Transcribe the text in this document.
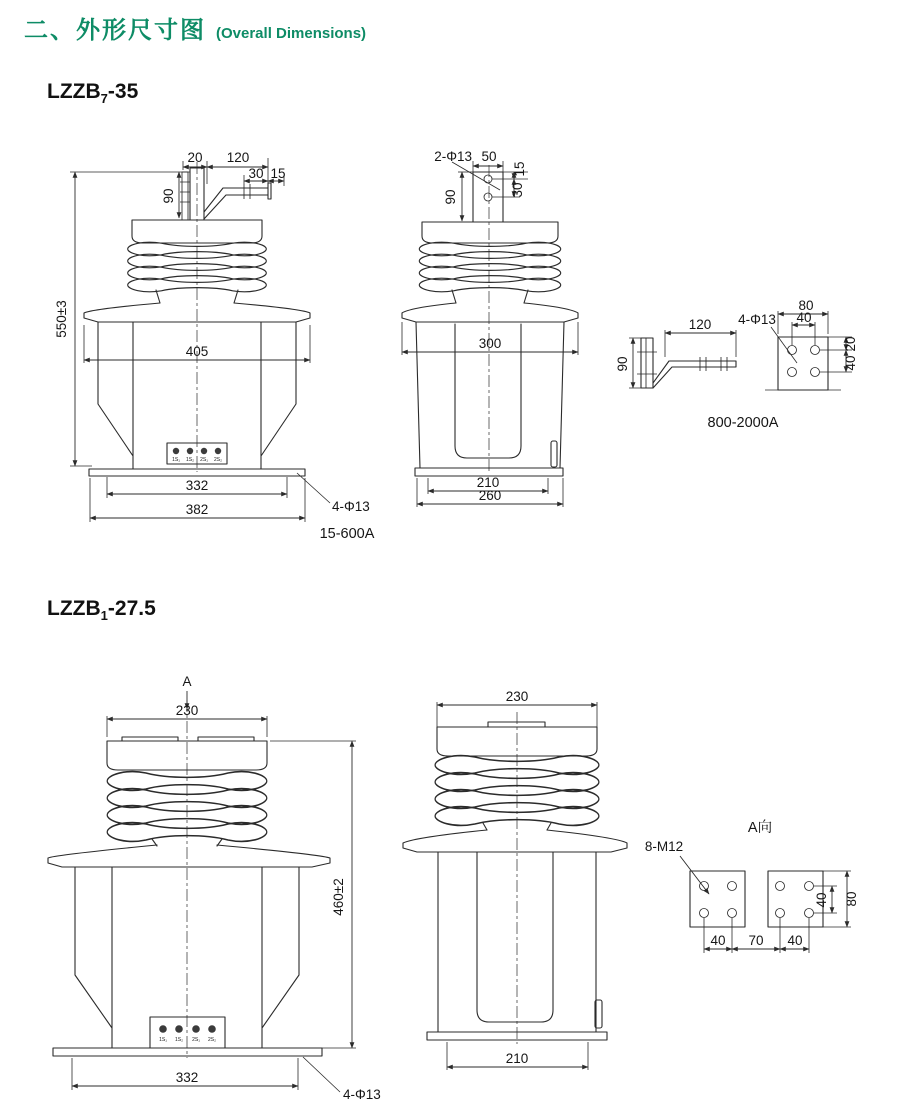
二、外形尺寸图 (Overall Dimensions)
$LZZB_7-35$
$LZZB_1-27.5$
20 120
30 15
90
1S₁ 1S₂ 2S₁ 2S₂
405
550±3
332
382	4-Φ13
15-600A
2-Φ13 50
15
30
90
300
210
260
90
120 4-Φ13
80
40
20
40
800-2000A
A
230
1S₁ 1S₂ 2S₁ 2S₂
460±2
332
4-Φ13
230
210
A向
8-M12
40 70 40
40 80
